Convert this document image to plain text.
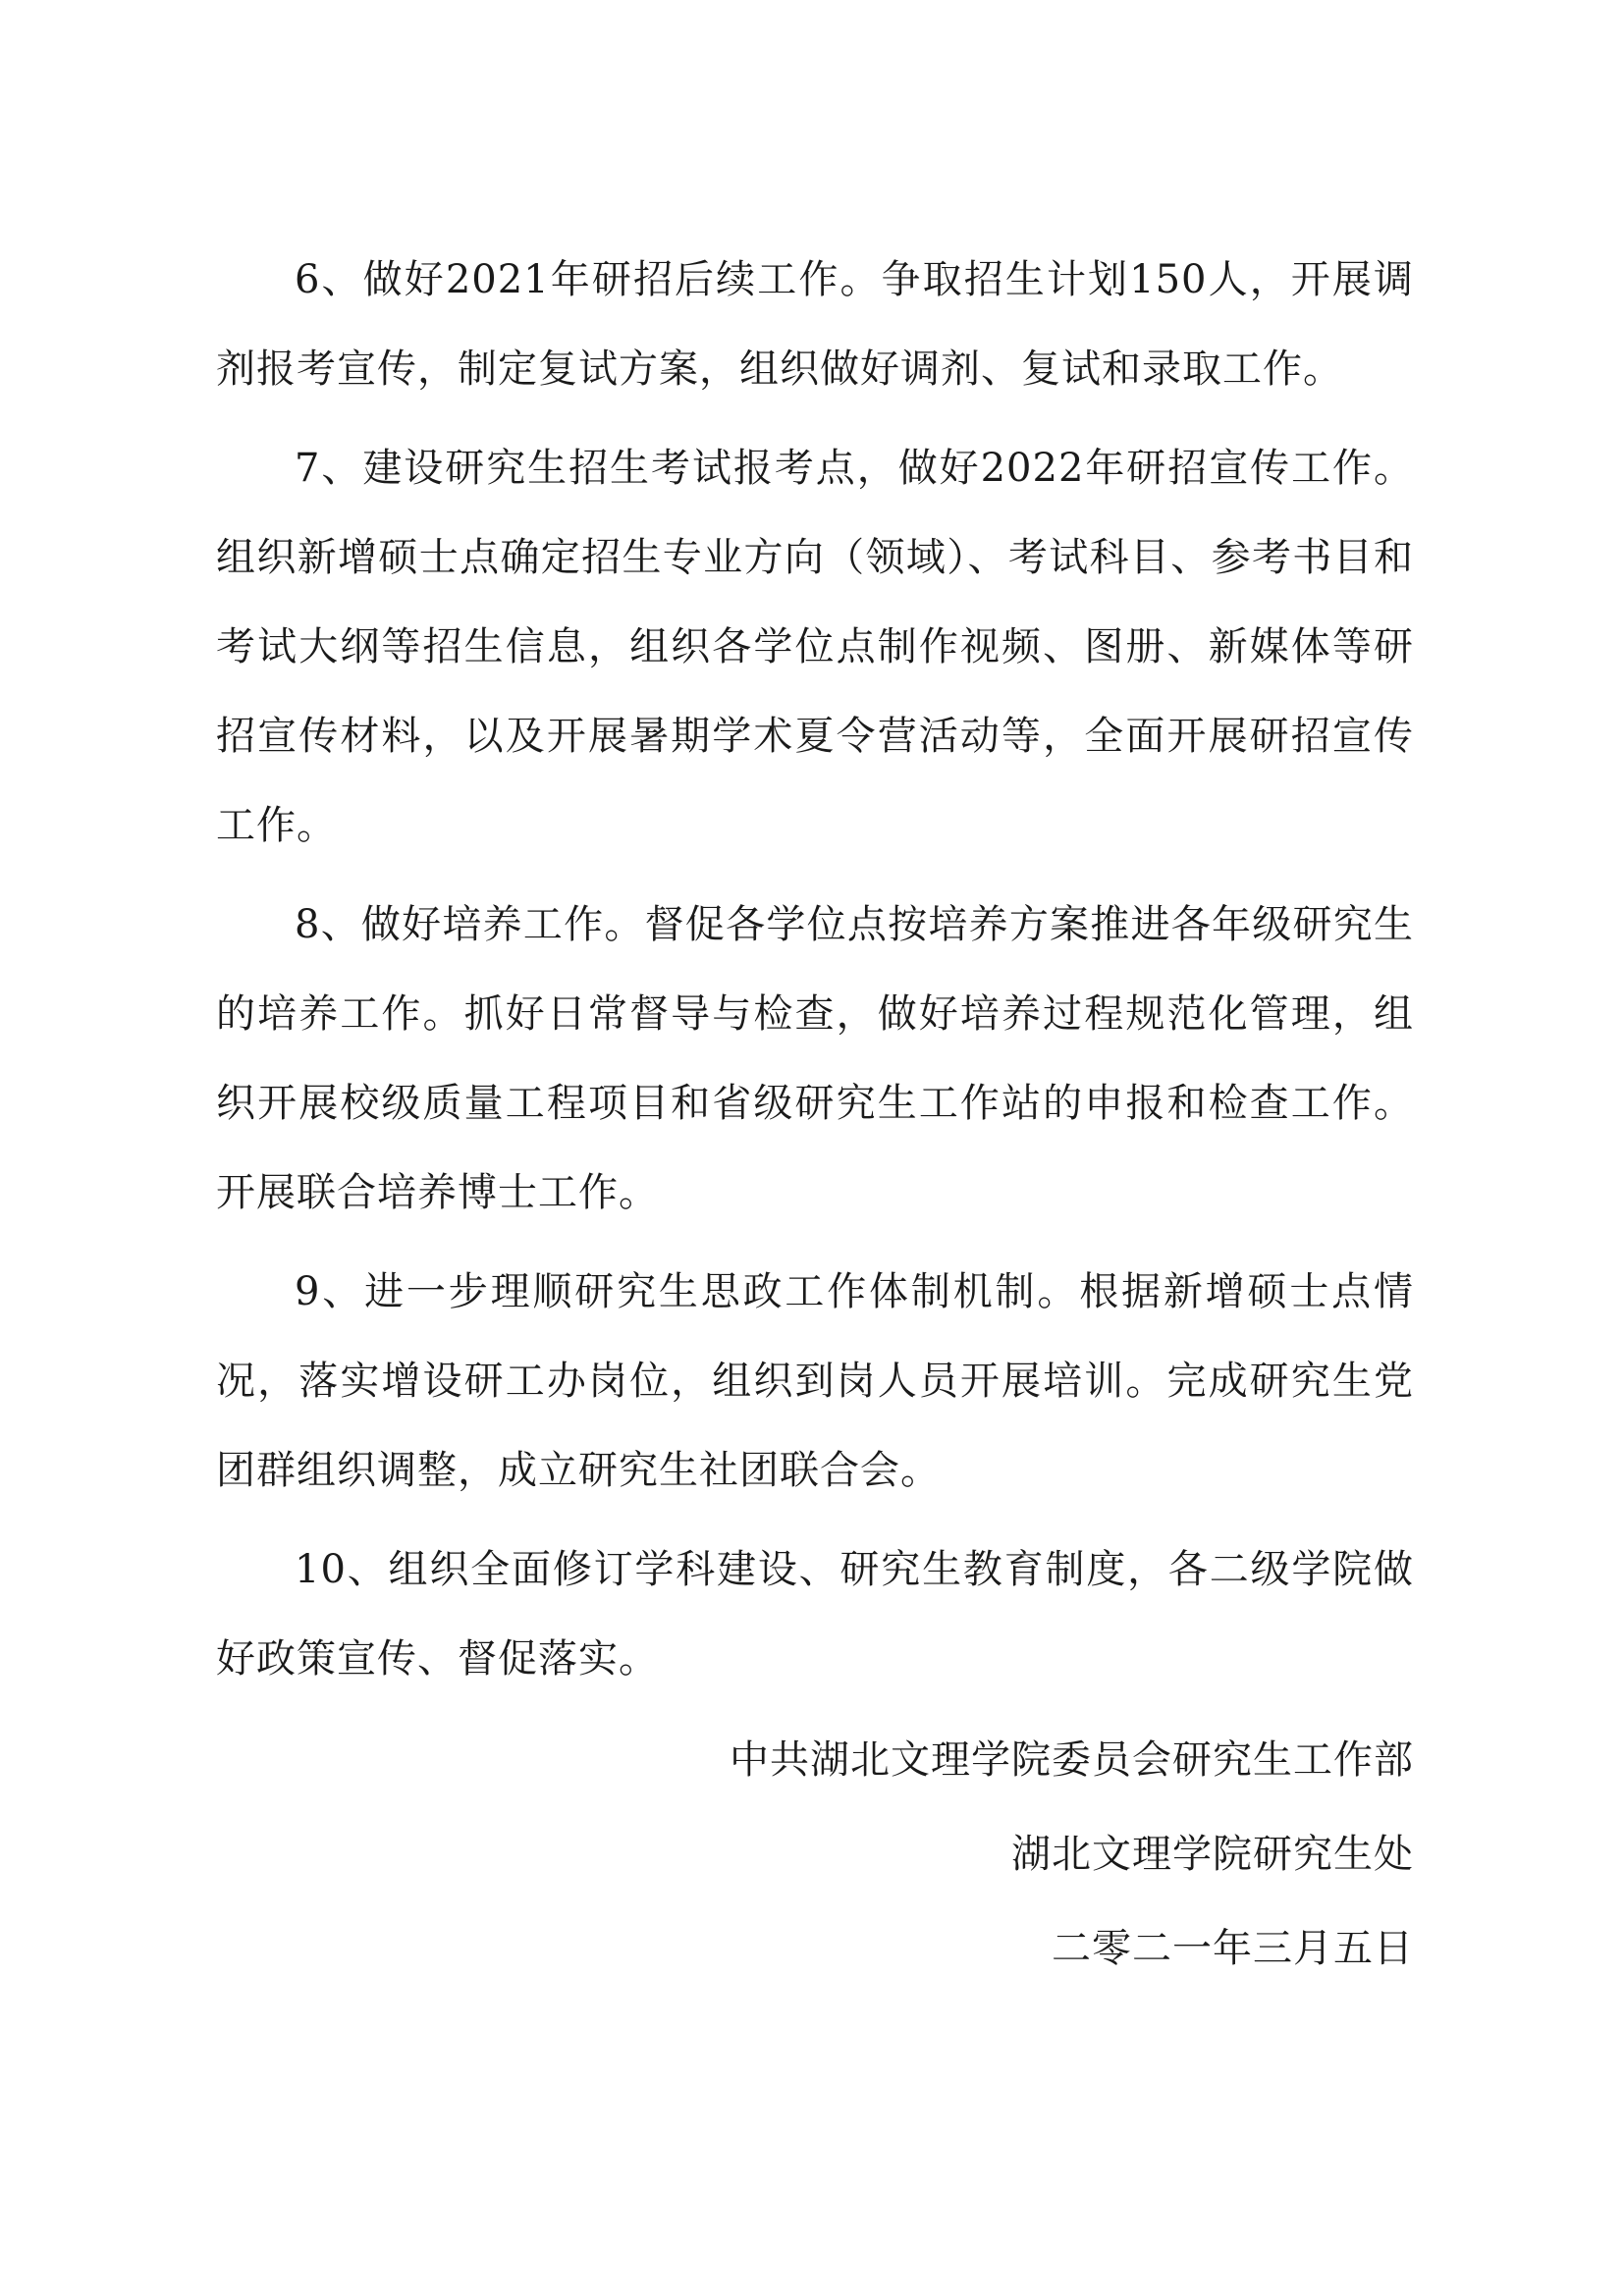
6、做好2021年研招后续工作。争取招生计划150人，开展调剂报考宣传，制定复试方案，组织做好调剂、复试和录取工作。

7、建设研究生招生考试报考点，做好2022年研招宣传工作。组织新增硕士点确定招生专业方向（领域）、考试科目、参考书目和考试大纲等招生信息，组织各学位点制作视频、图册、新媒体等研招宣传材料，以及开展暑期学术夏令营活动等，全面开展研招宣传工作。

8、做好培养工作。督促各学位点按培养方案推进各年级研究生的培养工作。抓好日常督导与检查，做好培养过程规范化管理，组织开展校级质量工程项目和省级研究生工作站的申报和检查工作。开展联合培养博士工作。

9、进一步理顺研究生思政工作体制机制。根据新增硕士点情况，落实增设研工办岗位，组织到岗人员开展培训。完成研究生党团群组织调整，成立研究生社团联合会。

10、组织全面修订学科建设、研究生教育制度，各二级学院做好政策宣传、督促落实。

中共湖北文理学院委员会研究生工作部
湖北文理学院研究生处
二零二一年三月五日
